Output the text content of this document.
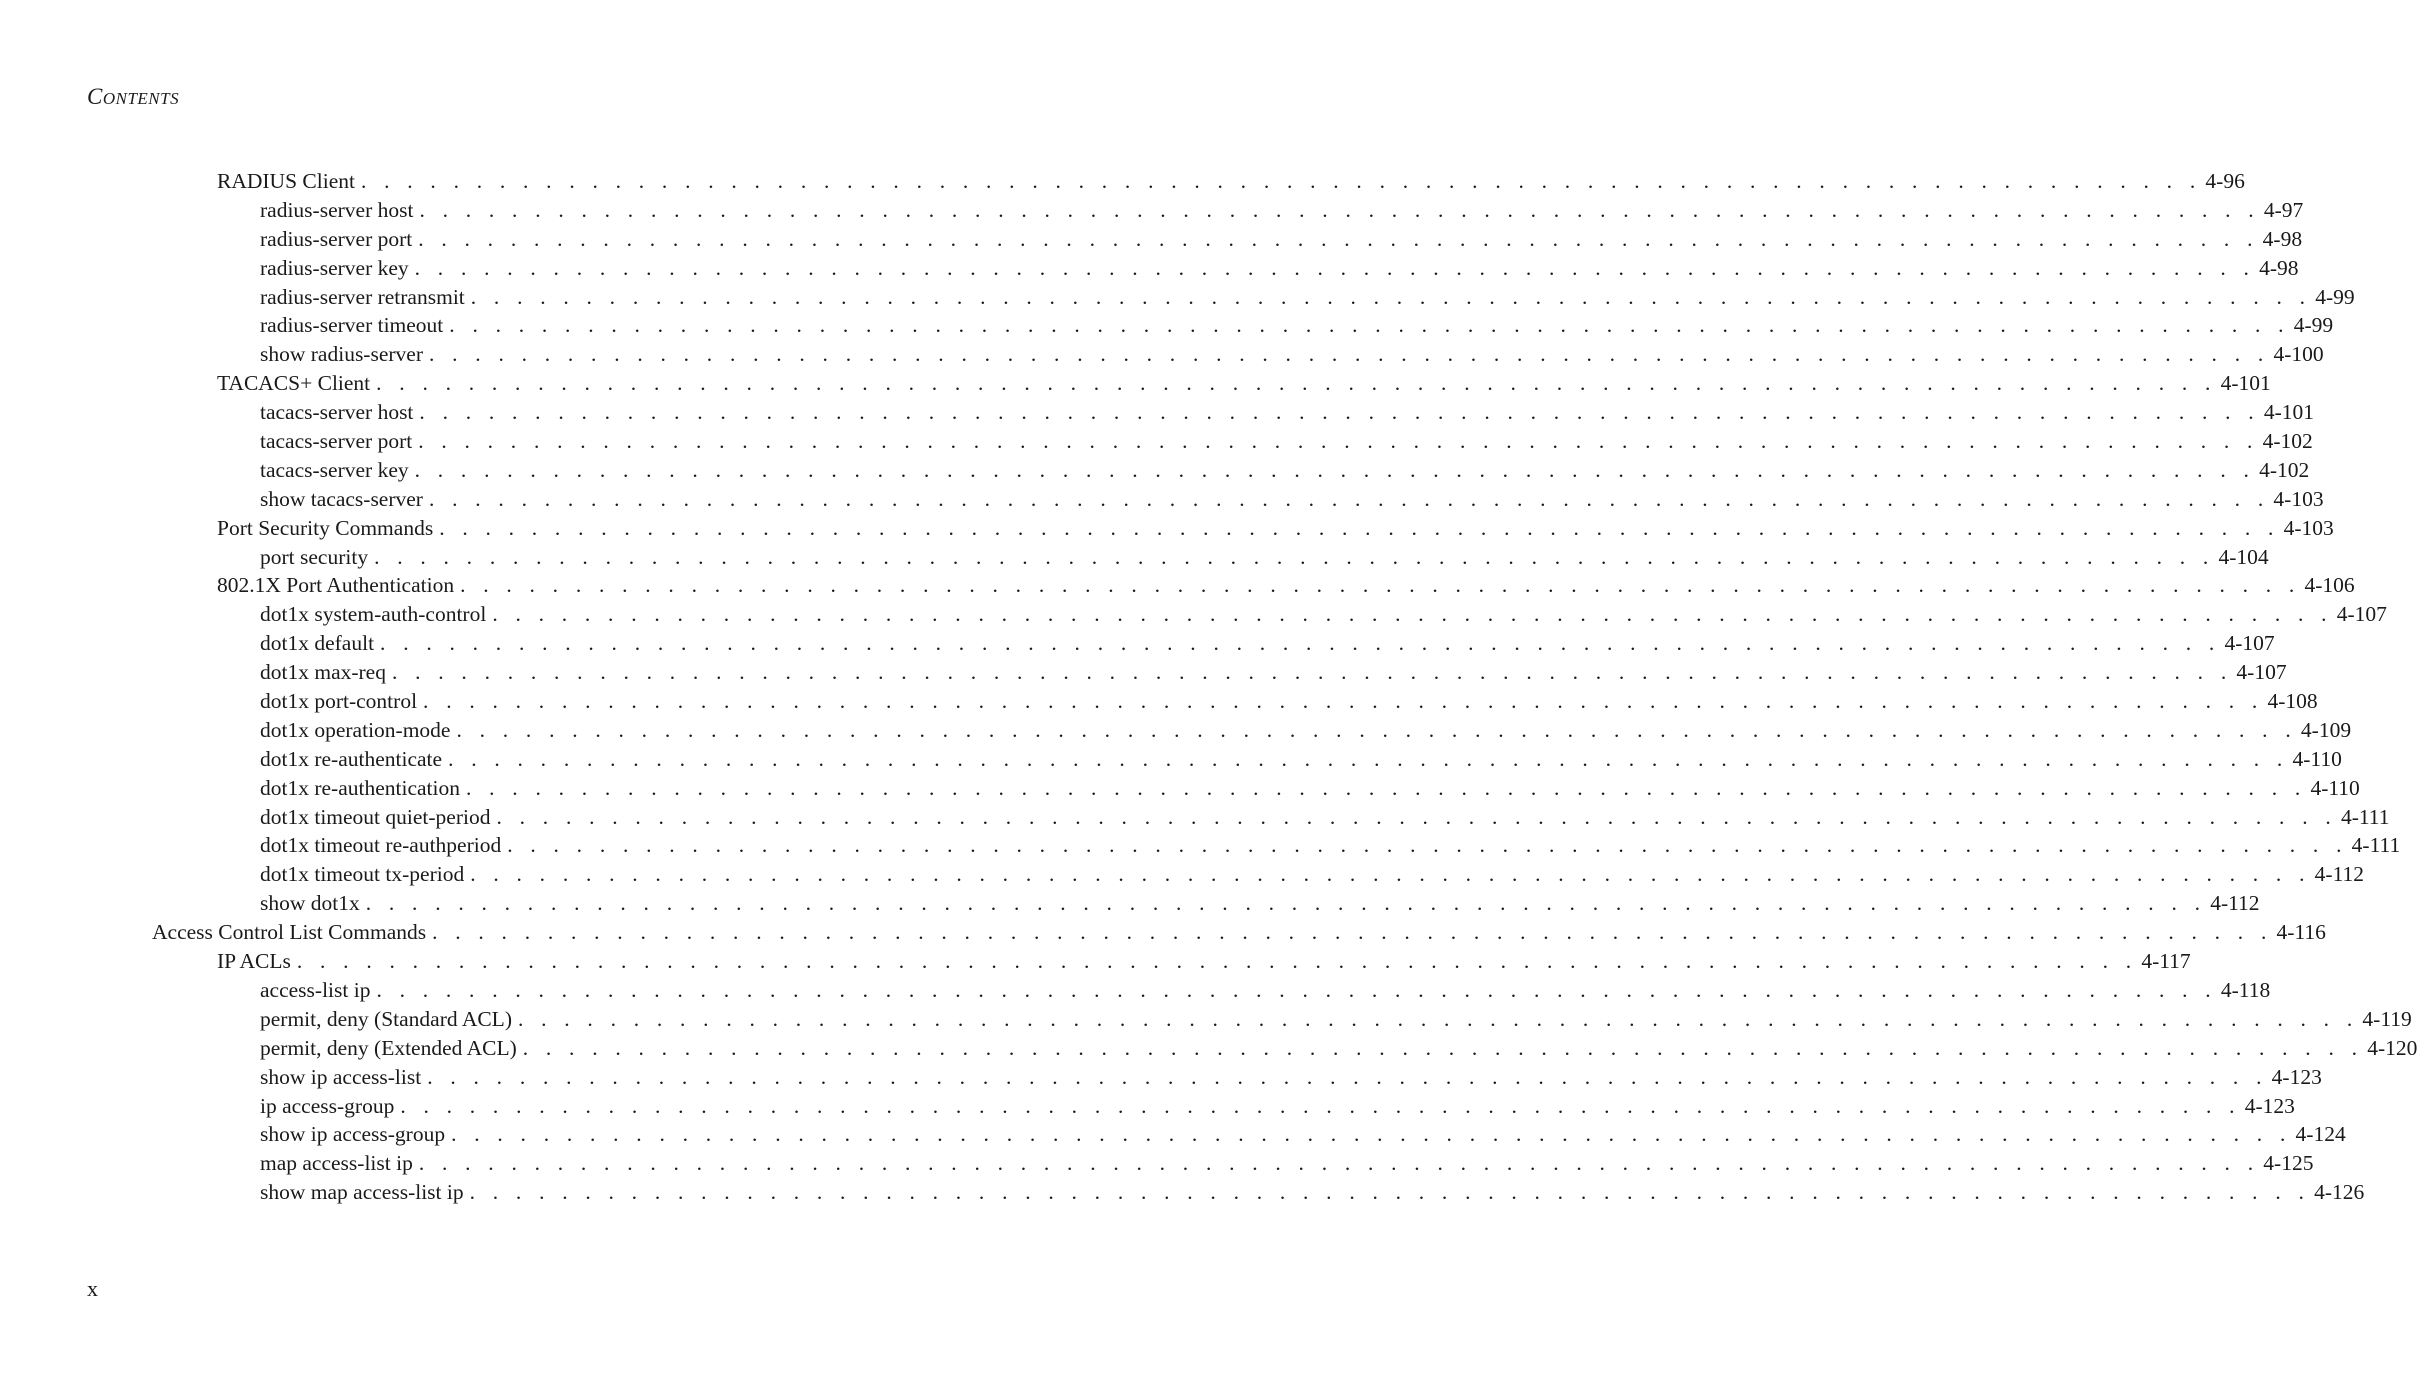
CONTENTS
RADIUS Client . . . . . . . . . . . . . . . . . . . . . . . . . . . . . . . . . . . . . . . . . . . . . . . . . . . . . . . . . . . . . . . . . . . . . . . . . . . . . . . . 4-96
radius-server host . . . . . . . . . . . . . . . . . . . . . . . . . . . . . . . . . . . . . . . . . . . . . . . . . . . . . . . . . . . . . . . . . . . . . . . . . . . . . . . . 4-97
radius-server port . . . . . . . . . . . . . . . . . . . . . . . . . . . . . . . . . . . . . . . . . . . . . . . . . . . . . . . . . . . . . . . . . . . . . . . . . . . . . . . . 4-98
radius-server key . . . . . . . . . . . . . . . . . . . . . . . . . . . . . . . . . . . . . . . . . . . . . . . . . . . . . . . . . . . . . . . . . . . . . . . . . . . . . . . . 4-98
radius-server retransmit . . . . . . . . . . . . . . . . . . . . . . . . . . . . . . . . . . . . . . . . . . . . . . . . . . . . . . . . . . . . . . . . . . . . . . . . . . . . . . . . 4-99
radius-server timeout . . . . . . . . . . . . . . . . . . . . . . . . . . . . . . . . . . . . . . . . . . . . . . . . . . . . . . . . . . . . . . . . . . . . . . . . . . . . . . . . 4-99
show radius-server . . . . . . . . . . . . . . . . . . . . . . . . . . . . . . . . . . . . . . . . . . . . . . . . . . . . . . . . . . . . . . . . . . . . . . . . . . . . . . . . 4-100
TACACS+ Client . . . . . . . . . . . . . . . . . . . . . . . . . . . . . . . . . . . . . . . . . . . . . . . . . . . . . . . . . . . . . . . . . . . . . . . . . . . . . . . . 4-101
tacacs-server host . . . . . . . . . . . . . . . . . . . . . . . . . . . . . . . . . . . . . . . . . . . . . . . . . . . . . . . . . . . . . . . . . . . . . . . . . . . . . . . . 4-101
tacacs-server port . . . . . . . . . . . . . . . . . . . . . . . . . . . . . . . . . . . . . . . . . . . . . . . . . . . . . . . . . . . . . . . . . . . . . . . . . . . . . . . . 4-102
tacacs-server key . . . . . . . . . . . . . . . . . . . . . . . . . . . . . . . . . . . . . . . . . . . . . . . . . . . . . . . . . . . . . . . . . . . . . . . . . . . . . . . . 4-102
show tacacs-server . . . . . . . . . . . . . . . . . . . . . . . . . . . . . . . . . . . . . . . . . . . . . . . . . . . . . . . . . . . . . . . . . . . . . . . . . . . . . . . . 4-103
Port Security Commands . . . . . . . . . . . . . . . . . . . . . . . . . . . . . . . . . . . . . . . . . . . . . . . . . . . . . . . . . . . . . . . . . . . . . . . . . . . . . . . . 4-103
port security . . . . . . . . . . . . . . . . . . . . . . . . . . . . . . . . . . . . . . . . . . . . . . . . . . . . . . . . . . . . . . . . . . . . . . . . . . . . . . . . 4-104
802.1X Port Authentication . . . . . . . . . . . . . . . . . . . . . . . . . . . . . . . . . . . . . . . . . . . . . . . . . . . . . . . . . . . . . . . . . . . . . . . . . . . . . . . . 4-106
dot1x system-auth-control . . . . . . . . . . . . . . . . . . . . . . . . . . . . . . . . . . . . . . . . . . . . . . . . . . . . . . . . . . . . . . . . . . . . . . . . . . . . . . . . 4-107
dot1x default . . . . . . . . . . . . . . . . . . . . . . . . . . . . . . . . . . . . . . . . . . . . . . . . . . . . . . . . . . . . . . . . . . . . . . . . . . . . . . . . 4-107
dot1x max-req . . . . . . . . . . . . . . . . . . . . . . . . . . . . . . . . . . . . . . . . . . . . . . . . . . . . . . . . . . . . . . . . . . . . . . . . . . . . . . . . 4-107
dot1x port-control . . . . . . . . . . . . . . . . . . . . . . . . . . . . . . . . . . . . . . . . . . . . . . . . . . . . . . . . . . . . . . . . . . . . . . . . . . . . . . . . 4-108
dot1x operation-mode . . . . . . . . . . . . . . . . . . . . . . . . . . . . . . . . . . . . . . . . . . . . . . . . . . . . . . . . . . . . . . . . . . . . . . . . . . . . . . . . 4-109
dot1x re-authenticate . . . . . . . . . . . . . . . . . . . . . . . . . . . . . . . . . . . . . . . . . . . . . . . . . . . . . . . . . . . . . . . . . . . . . . . . . . . . . . . . 4-110
dot1x re-authentication . . . . . . . . . . . . . . . . . . . . . . . . . . . . . . . . . . . . . . . . . . . . . . . . . . . . . . . . . . . . . . . . . . . . . . . . . . . . . . . . 4-110
dot1x timeout quiet-period . . . . . . . . . . . . . . . . . . . . . . . . . . . . . . . . . . . . . . . . . . . . . . . . . . . . . . . . . . . . . . . . . . . . . . . . . . . . . . . . 4-111
dot1x timeout re-authperiod . . . . . . . . . . . . . . . . . . . . . . . . . . . . . . . . . . . . . . . . . . . . . . . . . . . . . . . . . . . . . . . . . . . . . . . . . . . . . . . . 4-111
dot1x timeout tx-period . . . . . . . . . . . . . . . . . . . . . . . . . . . . . . . . . . . . . . . . . . . . . . . . . . . . . . . . . . . . . . . . . . . . . . . . . . . . . . . . 4-112
show dot1x . . . . . . . . . . . . . . . . . . . . . . . . . . . . . . . . . . . . . . . . . . . . . . . . . . . . . . . . . . . . . . . . . . . . . . . . . . . . . . . . 4-112
Access Control List Commands . . . . . . . . . . . . . . . . . . . . . . . . . . . . . . . . . . . . . . . . . . . . . . . . . . . . . . . . . . . . . . . . . . . . . . . . . . . . . . . . 4-116
IP ACLs . . . . . . . . . . . . . . . . . . . . . . . . . . . . . . . . . . . . . . . . . . . . . . . . . . . . . . . . . . . . . . . . . . . . . . . . . . . . . . . . 4-117
access-list ip . . . . . . . . . . . . . . . . . . . . . . . . . . . . . . . . . . . . . . . . . . . . . . . . . . . . . . . . . . . . . . . . . . . . . . . . . . . . . . . . 4-118
permit, deny (Standard ACL) . . . . . . . . . . . . . . . . . . . . . . . . . . . . . . . . . . . . . . . . . . . . . . . . . . . . . . . . . . . . . . . . . . . . . . . . . . . . . . . . 4-119
permit, deny (Extended ACL) . . . . . . . . . . . . . . . . . . . . . . . . . . . . . . . . . . . . . . . . . . . . . . . . . . . . . . . . . . . . . . . . . . . . . . . . . . . . . . . . 4-120
show ip access-list . . . . . . . . . . . . . . . . . . . . . . . . . . . . . . . . . . . . . . . . . . . . . . . . . . . . . . . . . . . . . . . . . . . . . . . . . . . . . . . . 4-123
ip access-group . . . . . . . . . . . . . . . . . . . . . . . . . . . . . . . . . . . . . . . . . . . . . . . . . . . . . . . . . . . . . . . . . . . . . . . . . . . . . . . . 4-123
show ip access-group . . . . . . . . . . . . . . . . . . . . . . . . . . . . . . . . . . . . . . . . . . . . . . . . . . . . . . . . . . . . . . . . . . . . . . . . . . . . . . . . 4-124
map access-list ip . . . . . . . . . . . . . . . . . . . . . . . . . . . . . . . . . . . . . . . . . . . . . . . . . . . . . . . . . . . . . . . . . . . . . . . . . . . . . . . . 4-125
show map access-list ip . . . . . . . . . . . . . . . . . . . . . . . . . . . . . . . . . . . . . . . . . . . . . . . . . . . . . . . . . . . . . . . . . . . . . . . . . . . . . . . . 4-126
x
